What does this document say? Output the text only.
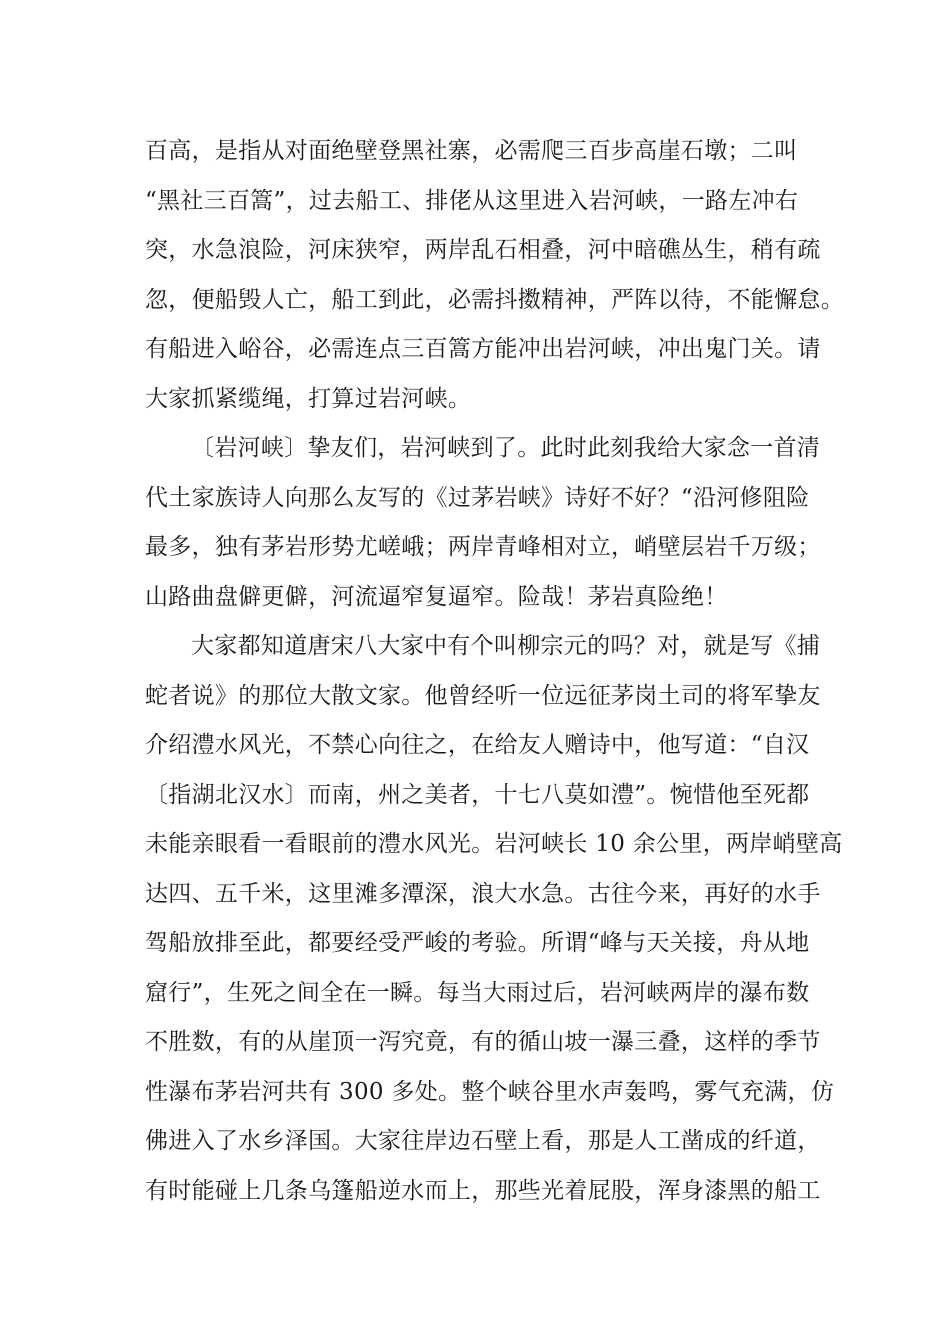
百高，是指从对面绝壁登黑社寨，必需爬三百步高崖石墩；二叫
“黑社三百篙”，过去船工、排佬从这里进入岩河峡，一路左冲右
突，水急浪险，河床狭窄，两岸乱石相叠，河中暗礁丛生，稍有疏
忽，便船毁人亡，船工到此，必需抖擞精神，严阵以待，不能懈怠。
有船进入峪谷，必需连点三百篙方能冲出岩河峡，冲出鬼门关。请
大家抓紧缆绳，打算过岩河峡。
〔岩河峡〕挚友们，岩河峡到了。此时此刻我给大家念一首清
代土家族诗人向那么友写的《过茅岩峡》诗好不好？“沿河修阻险
最多，独有茅岩形势尤嵯峨；两岸青峰相对立，峭壁层岩千万级；
山路曲盘僻更僻，河流逼窄复逼窄。险哉！茅岩真险绝！
大家都知道唐宋八大家中有个叫柳宗元的吗？对，就是写《捕
蛇者说》的那位大散文家。他曾经听一位远征茅岗土司的将军挚友
介绍澧水风光，不禁心向往之，在给友人赠诗中，他写道：“自汉
〔指湖北汉水〕而南，州之美者，十七八莫如澧”。惋惜他至死都
未能亲眼看一看眼前的澧水风光。岩河峡长 10 余公里，两岸峭壁高
达四、五千米，这里滩多潭深，浪大水急。古往今来，再好的水手
驾船放排至此，都要经受严峻的考验。所谓“峰与天关接，舟从地
窟行”，生死之间全在一瞬。每当大雨过后，岩河峡两岸的瀑布数
不胜数，有的从崖顶一泻究竟，有的循山坡一瀑三叠，这样的季节
性瀑布茅岩河共有 300 多处。整个峡谷里水声轰鸣，雾气充满，仿
佛进入了水乡泽国。大家往岸边石壁上看，那是人工凿成的纤道，
有时能碰上几条乌篷船逆水而上，那些光着屁股，浑身漆黑的船工
